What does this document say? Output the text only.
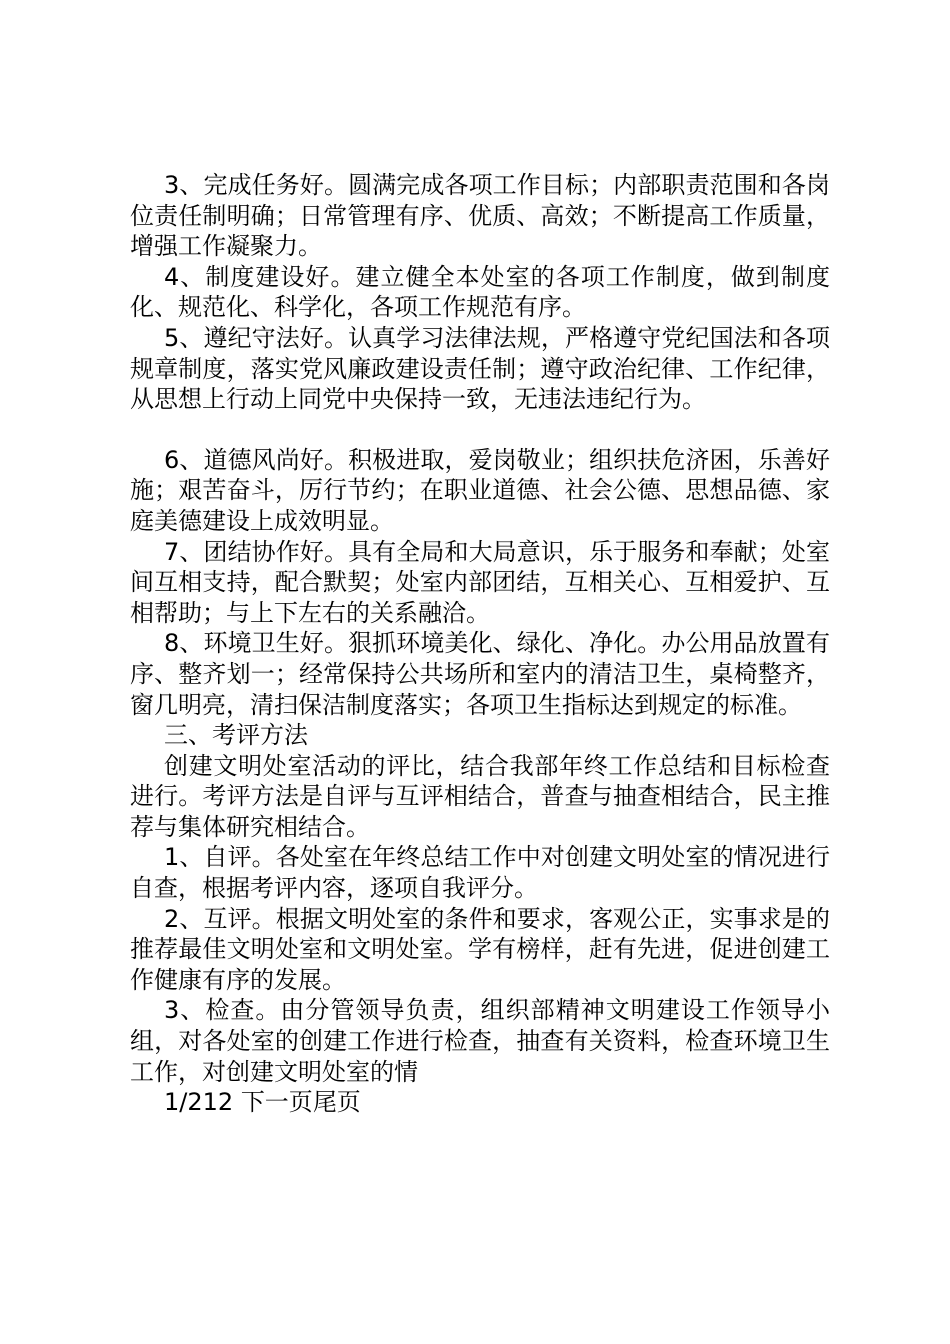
3、完成任务好。圆满完成各项工作目标；内部职责范围和各岗位责任制明确；日常管理有序、优质、高效；不断提高工作质量，增强工作凝聚力。

4、制度建设好。建立健全本处室的各项工作制度，做到制度化、规范化、科学化，各项工作规范有序。

5、遵纪守法好。认真学习法律法规，严格遵守党纪国法和各项规章制度，落实党风廉政建设责任制；遵守政治纪律、工作纪律，从思想上行动上同党中央保持一致，无违法违纪行为。

6、道德风尚好。积极进取，爱岗敬业；组织扶危济困，乐善好施；艰苦奋斗，厉行节约；在职业道德、社会公德、思想品德、家庭美德建设上成效明显。

7、团结协作好。具有全局和大局意识，乐于服务和奉献；处室间互相支持，配合默契；处室内部团结，互相关心、互相爱护、互相帮助；与上下左右的关系融洽。

8、环境卫生好。狠抓环境美化、绿化、净化。办公用品放置有序、整齐划一；经常保持公共场所和室内的清洁卫生，桌椅整齐，窗几明亮，清扫保洁制度落实；各项卫生指标达到规定的标准。

三、考评方法

创建文明处室活动的评比，结合我部年终工作总结和目标检查进行。考评方法是自评与互评相结合，普查与抽查相结合，民主推荐与集体研究相结合。

1、自评。各处室在年终总结工作中对创建文明处室的情况进行自查，根据考评内容，逐项自我评分。

2、互评。根据文明处室的条件和要求，客观公正，实事求是的推荐最佳文明处室和文明处室。学有榜样，赶有先进，促进创建工作健康有序的发展。

3、检查。由分管领导负责，组织部精神文明建设工作领导小组，对各处室的创建工作进行检查，抽查有关资料，检查环境卫生工作，对创建文明处室的情

1/212 下一页尾页
